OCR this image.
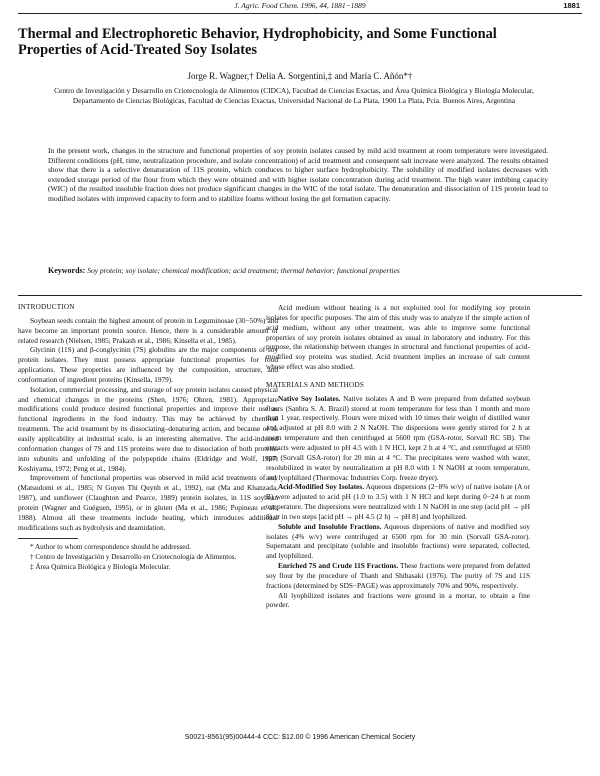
J. Agric. Food Chem. 1996, 44, 1881−1889	1881
Thermal and Electrophoretic Behavior, Hydrophobicity, and Some Functional Properties of Acid-Treated Soy Isolates
Jorge R. Wagner,† Delia A. Sorgentini,‡ and María C. Añón*†
Centro de Investigación y Desarrollo en Criotecnología de Alimentos (CIDCA), Facultad de Ciencias Exactas, and Área Química Biológica y Biología Molecular, Departamento de Ciencias Biológicas, Facultad de Ciencias Exactas, Universidad Nacional de La Plata, 1900 La Plata, Pcia. Buenos Aires, Argentina
In the present work, changes in the structure and functional properties of soy protein isolates caused by mild acid treatment at room temperature were investigated. Different conditions (pH, time, neutralization procedure, and isolate concentration) of acid treatment and consequent salt increase were analyzed. The results obtained show that there is a selective denaturation of 11S protein, which conduces to higher surface hydrophobicity. The solubility of modified isolates decreases with extended storage period of the flour from which they were obtained and with higher isolate concentration during acid treatment. The high water imbibing capacity (WIC) of the resulted insoluble fraction does not produce significant changes in the WIC of the total isolate. The denaturation and dissociation of 11S protein lead to modified isolates with improved capacity to form and to stabilize foams without losing the gel formation capacity.
Keywords: Soy protein; soy isolate; chemical modification; acid treatment; thermal behavior; functional properties
INTRODUCTION

Soybean seeds contain the highest amount of protein in Leguminosae (30−50%) and have become an important protein source. Hence, there is a considerable amount of related research (Nielsen, 1985; Prakash et al., 1986; Kinsella et al., 1985).

Glycinin (11S) and β-conglycinin (7S) globulins are the major components of soy protein isolates. They must possess appropriate functional properties for food applications. These properties are influenced by the composition, structure, and conformation of ingredient proteins (Kinsella, 1979).

Isolation, commercial processing, and storage of soy protein isolates caused physical and chemical changes in the proteins (Shen, 1976; Ohren, 1981). Appropriate modifications could produce desired functional properties and improve their use as functional ingredients in the food industry. This may be achieved by chemical treatments. The acid treatment by its dissociating–denaturing action, and because of its easily applicability at industrial scale, is an interesting alternative. The acid-induced conformation changes of 7S and 11S proteins were due to dissociation of both proteins into subunits and unfolding of the polypeptide chains (Eldridge and Wolf, 1967; Koshiyama, 1972; Peng et al., 1984).

Improvement of functional properties was observed in mild acid treatments of soy (Matsudomi et al., 1985; N Guyen Thi Quynh et al., 1992), oat (Ma and Khanzada, 1987), and sunflower (Claughton and Pearce, 1989) protein isolates, in 11S soybean protein (Wagner and Guéguen, 1995), or in gluten (Ma et al., 1986; Popineau et al., 1988). Almost all these treatments include heating, which introduces additional modifications such as hydrolysis and deamidation.

* Author to whom correspondence should be addressed.

† Centro de Investigación y Desarrollo en Criotecnología de Alimentos.

‡ Área Química Biológica y Biología Molecular.

Acid medium without heating is a not exploited tool for modifying soy protein isolates for specific purposes. The aim of this study was to analyze if the simple action of acid medium, without any other treatment, was able to improve some functional properties of soy protein isolates obtained as usual in laboratory and industry. For this purpose, the relationship between changes in structural and functional properties of acid-modified soy proteins was studied. Acid treatment implies an increase of salt content whose effect was also studied.

MATERIALS AND METHODS

Native Soy Isolates. Native isolates A and B were prepared from defatted soybean flours (Sanbra S. A. Brazil) stored at room temperature for less than 1 month and more than 1 year, respectively. Flours were mixed with 10 times their weight of distilled water and adjusted at pH 8.0 with 2 N NaOH. The dispersions were gently stirred for 2 h at room temperature and then centrifuged at 5600 rpm (GSA-rotor, Sorvall RC 5B). The extracts were adjusted to pH 4.5 with 1 N HCl, kept 2 h at 4 °C, and centrifuged at 6500 rpm (Sorvall GSA-rotor) for 20 min at 4 °C. The precipitates were washed with water, resolubilized in water by neutralization at pH 8.0 with 1 N NaOH at room temperature, and lyophilized (Thermovac Industries Corp. freeze dryer).

Acid-Modified Soy Isolates. Aqueous dispersions (2−8% w/v) of native isolate (A or B) were adjusted to acid pH (1.0 to 3.5) with 1 N HCl and kept during 0−24 h at room temperature. The dispersions were neutralized with 1 N NaOH in one step (acid pH → pH 8) or in two steps [acid pH → pH 4.5 (2 h) → pH 8] and lyophilized.

Soluble and Insoluble Fractions. Aqueous dispersions of native and modified soy isolates (4% w/v) were centrifuged at 6500 rpm for 30 min (Sorvall GSA-rotor). Supernatant and precipitate (soluble and insoluble fractions) were separated, collected, and lyophilized.

Enriched 7S and Crude 11S Fractions. These fractions were prepared from defatted soy flour by the procedure of Thanh and Shibasaki (1976). The purity of 7S and 11S fractions (determined by SDS−PAGE) was approximately 70% and 90%, respectively.

All lyophilized isolates and fractions were ground in a mortar, to obtain a fine powder.

S0021-8561(95)00444-4 CCC: $12.00 © 1996 American Chemical Society
